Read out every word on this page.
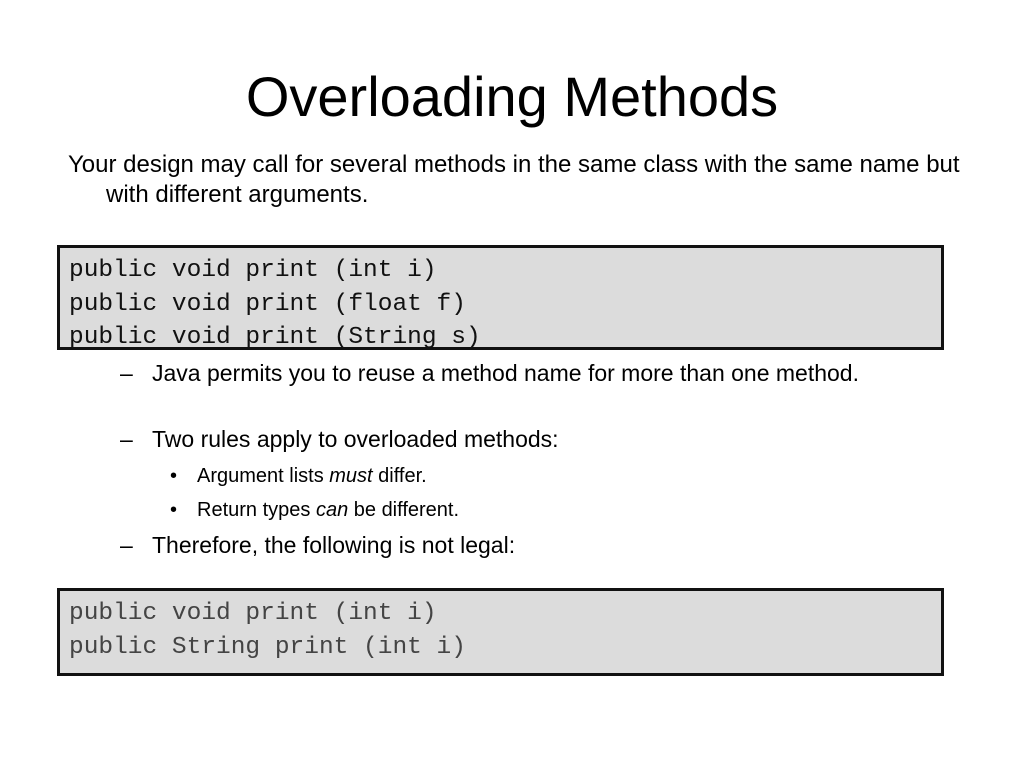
Overloading Methods
Your design may call for several methods in the same class with the same name but with different arguments.
public void print (int i)
public void print (float f)
public void print (String s)
– Java permits you to reuse a method name for more than one method.
– Two rules apply to overloaded methods:
• Argument lists must differ.
• Return types can be different.
– Therefore, the following is not legal:
public void print (int i)
public String print (int i)
